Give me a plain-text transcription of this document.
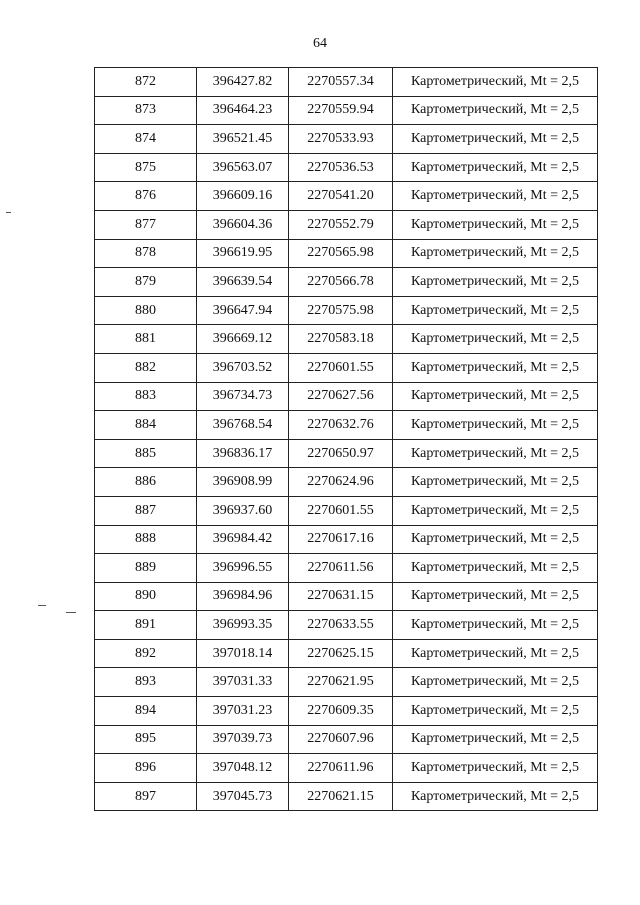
64
872	396427.82	2270557.34	Картометрический, Mt = 2,5
873	396464.23	2270559.94	Картометрический, Mt = 2,5
874	396521.45	2270533.93	Картометрический, Mt = 2,5
875	396563.07	2270536.53	Картометрический, Mt = 2,5
876	396609.16	2270541.20	Картометрический, Mt = 2,5
877	396604.36	2270552.79	Картометрический, Mt = 2,5
878	396619.95	2270565.98	Картометрический, Mt = 2,5
879	396639.54	2270566.78	Картометрический, Mt = 2,5
880	396647.94	2270575.98	Картометрический, Mt = 2,5
881	396669.12	2270583.18	Картометрический, Mt = 2,5
882	396703.52	2270601.55	Картометрический, Mt = 2,5
883	396734.73	2270627.56	Картометрический, Mt = 2,5
884	396768.54	2270632.76	Картометрический, Mt = 2,5
885	396836.17	2270650.97	Картометрический, Mt = 2,5
886	396908.99	2270624.96	Картометрический, Mt = 2,5
887	396937.60	2270601.55	Картометрический, Mt = 2,5
888	396984.42	2270617.16	Картометрический, Mt = 2,5
889	396996.55	2270611.56	Картометрический, Mt = 2,5
890	396984.96	2270631.15	Картометрический, Mt = 2,5
891	396993.35	2270633.55	Картометрический, Mt = 2,5
892	397018.14	2270625.15	Картометрический, Mt = 2,5
893	397031.33	2270621.95	Картометрический, Mt = 2,5
894	397031.23	2270609.35	Картометрический, Mt = 2,5
895	397039.73	2270607.96	Картометрический, Mt = 2,5
896	397048.12	2270611.96	Картометрический, Mt = 2,5
897	397045.73	2270621.15	Картометрический, Mt = 2,5
